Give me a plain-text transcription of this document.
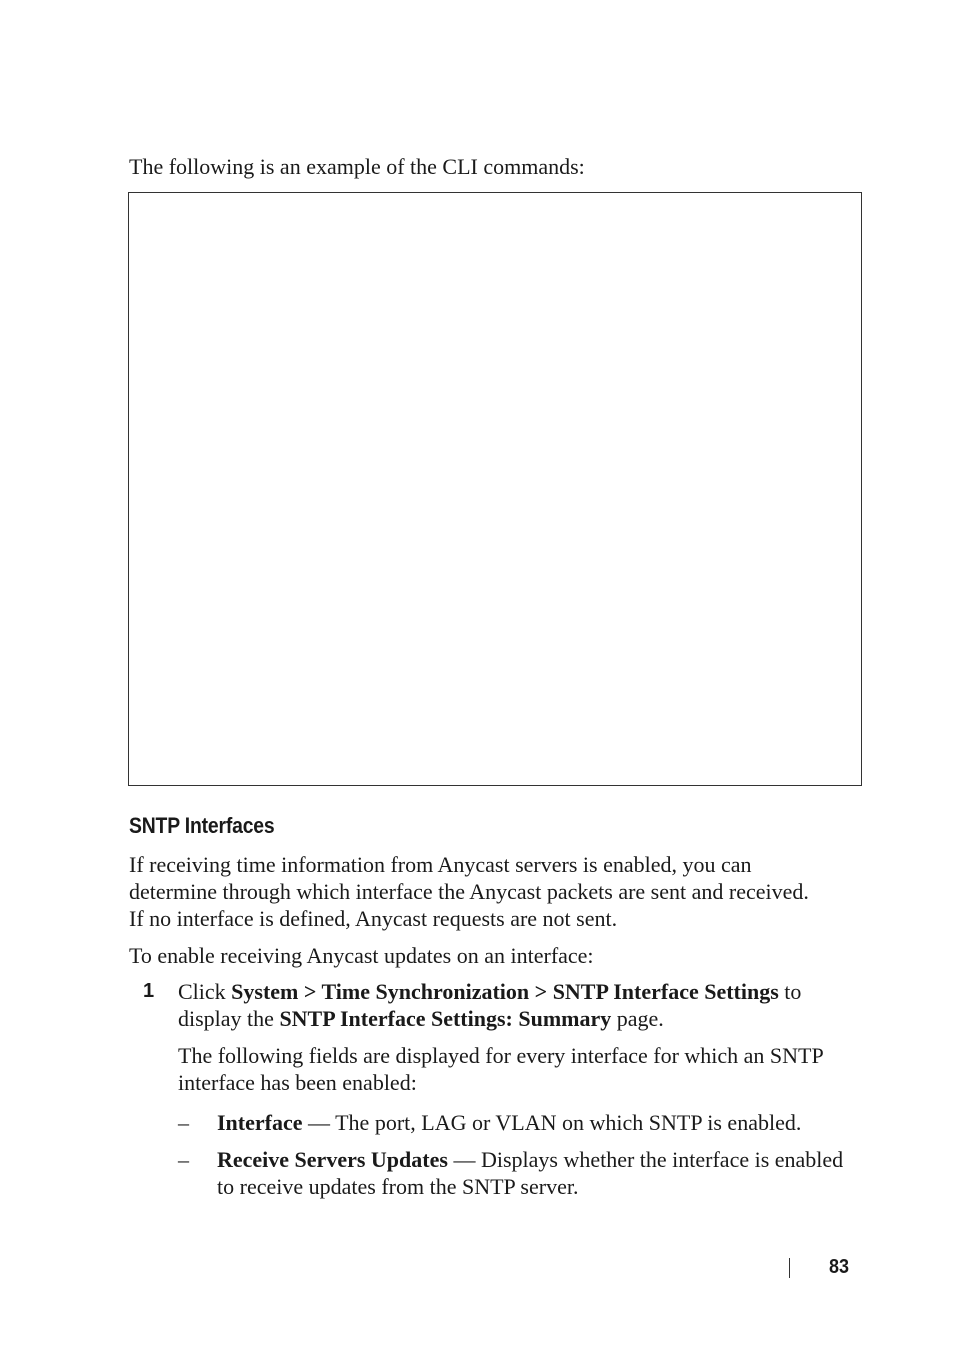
The following is an example of the CLI commands:
SNTP Interfaces
If receiving time information from Anycast servers is enabled, you can
determine through which interface the Anycast packets are sent and received.
If no interface is defined, Anycast requests are not sent.
To enable receiving Anycast updates on an interface:
1 Click System > Time Synchronization > SNTP Interface Settings to
display the SNTP Interface Settings: Summary page.
The following fields are displayed for every interface for which an SNTP
interface has been enabled:
– Interface — The port, LAG or VLAN on which SNTP is enabled.
– Receive Servers Updates — Displays whether the interface is enabled
to receive updates from the SNTP server.
83
